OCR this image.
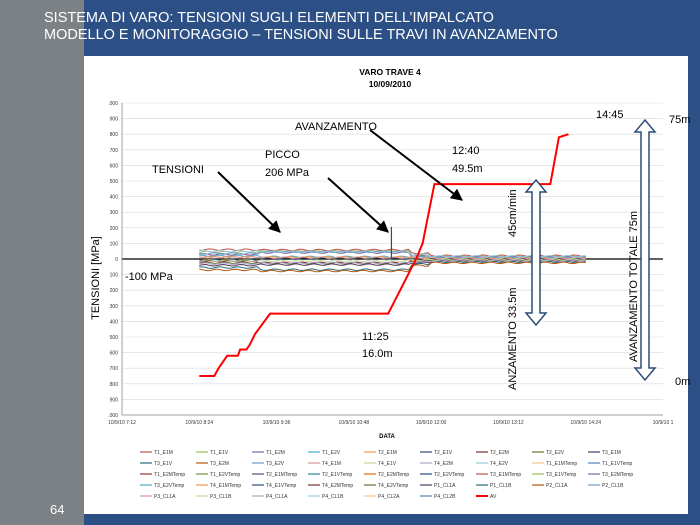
SISTEMA DI VARO: TENSIONI SUGLI ELEMENTI DELL’IMPALCATO
MODELLO E MONITORAGGIO – TENSIONI SULLE TRAVI IN AVANZAMENTO
VARO TRAVE 4
10/09/2010
DATA
TENSIONI [MPa]
.000
900
800
700
600
500
400
300
200
100
0
100
200
300
400
500
600
700
800
900
.000
10/9/10 7:12	10/9/10 8:24	10/9/10 9:36	10/9/10 10:48	10/9/10 12:00	10/9/10 13:12	10/9/10 14:24	10/9/10 1
TENSIONI
PICCO
206 MPa
AVANZAMENTO
12:40
49.5m
14:45	75m
-100 MPa
11:25
16.0m
45cm/min
ANZAMENTO 33.5m	AVANZAMENTO TOTALE 75m
0m
T1_E1M	T1_E1V	T1_E2M	T1_E2V	T2_E1M	T2_E1V	T2_E2M	T2_E2V	T3_E1M
T3_E1V	T3_E2M	T3_E2V	T4_E1M	T4_E1V	T4_E2M	T4_E2V	T1_E1MTemp	T1_E1VTemp
T1_E2MTemp	T1_E2VTemp	T2_E1MTemp	T2_E1VTemp	T2_E2MTemp	T2_E2VTemp	T3_E1MTemp	T3_E1VTemp	T3_E2MTemp
T3_E2VTemp	T4_E1MTemp	T4_E1VTemp	T4_E2MTemp	T4_E2VTemp	P1_CL1A	P1_CL1B	P2_CL1A	P2_CL1B
P3_CL1A	P3_CL1B	P4_CL1A	P4_CL1B	P4_CL2A	P4_CL2B	AV
64
